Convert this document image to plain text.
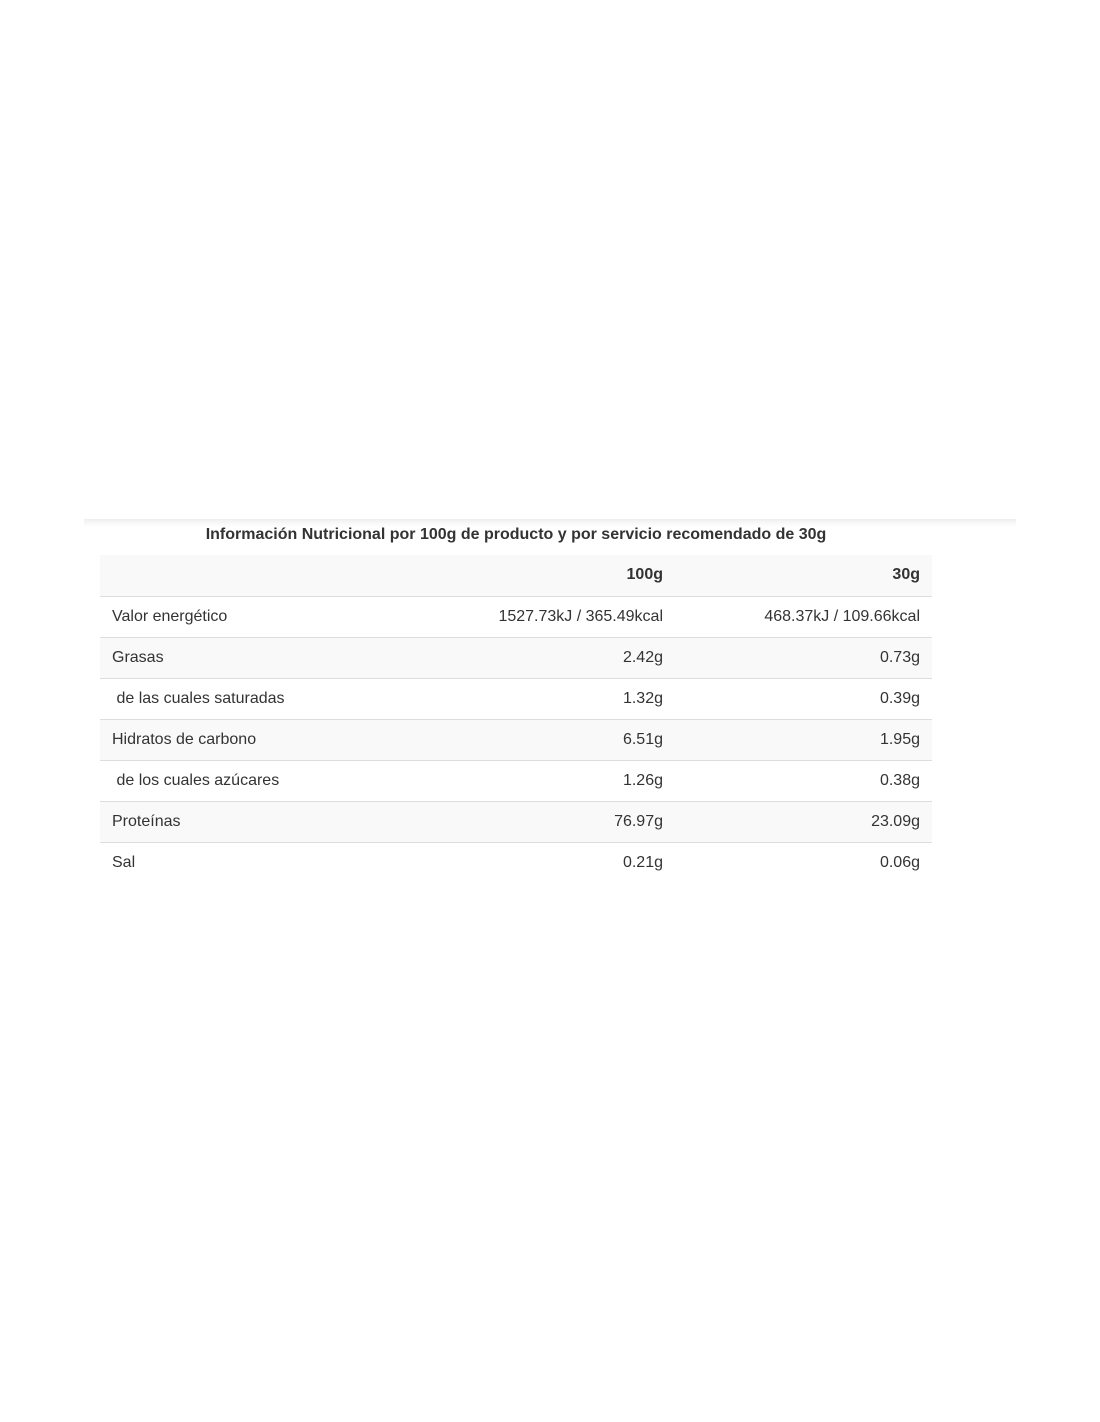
Información Nutricional por 100g de producto y por servicio recomendado de 30g
	100g	30g
Valor energético	1527.73kJ / 365.49kcal	468.37kJ / 109.66kcal
Grasas	2.42g	0.73g
de las cuales saturadas	1.32g	0.39g
Hidratos de carbono	6.51g	1.95g
de los cuales azúcares	1.26g	0.38g
Proteínas	76.97g	23.09g
Sal	0.21g	0.06g
